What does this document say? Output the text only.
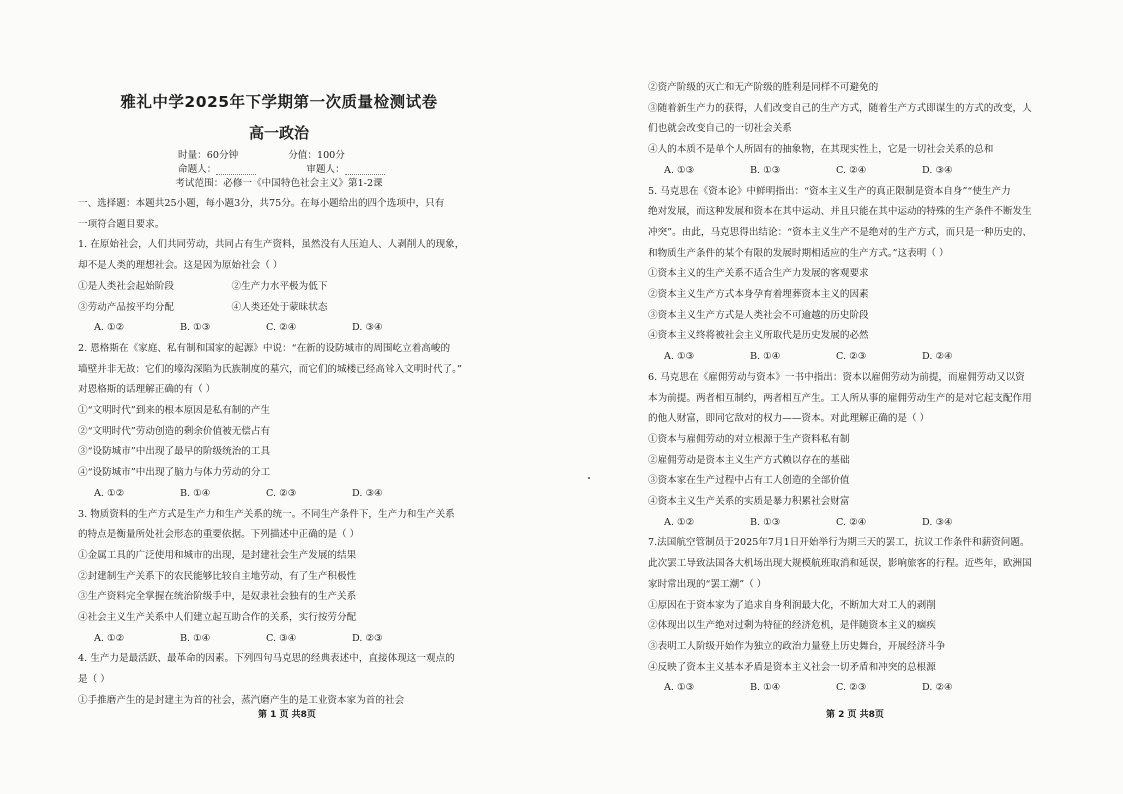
雅礼中学2025年下学期第一次质量检测试卷
高一政治
时量：60分钟	分值：100分
命题人：	审题人：
考试范围：必修一《中国特色社会主义》第1-2课
一、选择题：本题共25小题，每小题3分，共75分。在每小题给出的四个选项中，只有
一项符合题目要求。
1. 在原始社会，人们共同劳动，共同占有生产资料，虽然没有人压迫人、人剥削人的现象，
却不是人类的理想社会。这是因为原始社会（ ）
①是人类社会起始阶段　　　　　　②生产力水平极为低下
③劳动产品按平均分配　　　　　　④人类还处于蒙昧状态
A. ①②	B. ①③	C. ②④	D. ③④
2. 恩格斯在《家庭、私有制和国家的起源》中说：“在新的设防城市的周围屹立着高峻的
墙壁并非无故：它们的壕沟深陷为氏族制度的墓穴，而它们的城楼已经高耸入文明时代了。”
对恩格斯的话理解正确的有（ ）
①“文明时代”到来的根本原因是私有制的产生
②“文明时代”劳动创造的剩余价值被无偿占有
③“设防城市”中出现了最早的阶级统治的工具
④“设防城市”中出现了脑力与体力劳动的分工
A. ①②	B. ①④	C. ②③	D. ③④
3. 物质资料的生产方式是生产力和生产关系的统一。不同生产条件下，生产力和生产关系
的特点是衡量所处社会形态的重要依据。下列描述中正确的是（ ）
①金属工具的广泛使用和城市的出现，是封建社会生产发展的结果
②封建制生产关系下的农民能够比较自主地劳动，有了生产积极性
③生产资料完全掌握在统治阶级手中，是奴隶社会独有的生产关系
④社会主义生产关系中人们建立起互助合作的关系，实行按劳分配
A. ①②	B. ①④	C. ③④	D. ②③
4. 生产力是最活跃、最革命的因素。下列四句马克思的经典表述中，直接体现这一观点的
是（ ）
①手推磨产生的是封建主为首的社会，蒸汽磨产生的是工业资本家为首的社会
②资产阶级的灭亡和无产阶级的胜利是同样不可避免的
③随着新生产力的获得，人们改变自己的生产方式，随着生产方式即谋生的方式的改变，人
们也就会改变自己的一切社会关系
④人的本质不是单个人所固有的抽象物，在其现实性上，它是一切社会关系的总和
A. ①③	B. ①③	C. ②④	D. ③④
5. 马克思在《资本论》中鲜明指出：“资本主义生产的真正限制是资本自身”“使生产力
绝对发展，而这种发展和资本在其中运动、并且只能在其中运动的特殊的生产条件不断发生
冲突”。由此，马克思得出结论：“资本主义生产不是绝对的生产方式，而只是一种历史的、
和物质生产条件的某个有限的发展时期相适应的生产方式。”这表明（ ）
①资本主义的生产关系不适合生产力发展的客观要求
②资本主义生产方式本身孕育着埋葬资本主义的因素
③资本主义生产方式是人类社会不可逾越的历史阶段
④资本主义终将被社会主义所取代是历史发展的必然
A. ①③	B. ①④	C. ②③	D. ②④
6. 马克思在《雇佣劳动与资本》一书中指出：资本以雇佣劳动为前提，而雇佣劳动又以资
本为前提。两者相互制约，两者相互产生。工人所从事的雇佣劳动生产的是对它起支配作用
的他人财富，即同它敌对的权力——资本。对此理解正确的是（ ）
①资本与雇佣劳动的对立根源于生产资料私有制
②雇佣劳动是资本主义生产方式赖以存在的基础
③资本家在生产过程中占有工人创造的全部价值
④资本主义生产关系的实质是暴力积累社会财富
A. ①②	B. ①③	C. ②④	D. ③④
7.法国航空管制员于2025年7月1日开始举行为期三天的罢工，抗议工作条件和薪资问题。
此次罢工导致法国各大机场出现大规模航班取消和延误，影响旅客的行程。近些年，欧洲国
家时常出现的“罢工潮”（ ）
①原因在于资本家为了追求自身利润最大化，不断加大对工人的剥削
②体现出以生产绝对过剩为特征的经济危机，是伴随资本主义的痼疾
③表明工人阶级开始作为独立的政治力量登上历史舞台，开展经济斗争
④反映了资本主义基本矛盾是资本主义社会一切矛盾和冲突的总根源
A. ①③	B. ①④	C. ②③	D. ②④
第 1 页 共8页	第 2 页 共8页
